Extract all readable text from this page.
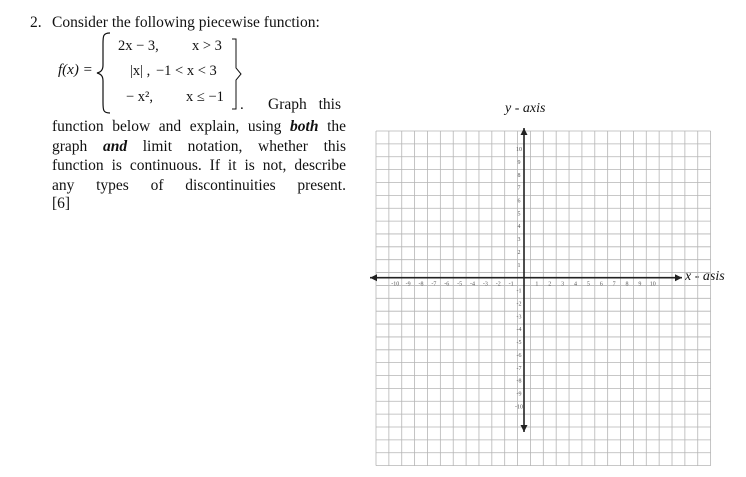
2. Consider the following piecewise function:
f(x) =
2x − 3, x > 3
|x| , −1 < x < 3
− x², x ≤ −1 . Graph this
function below and explain, using both the
graph and limit notation, whether this
function is continuous. If it is not, describe
any types of discontinuities present.
[6]
y - axis
x - asis
-10 -9 -8 -7 -6 -5 -4 -3 -2 -1	1 2 3 4 5 6 7 8 9 10
10
9
8
7
6
5
4
3
2
1
-1
-2
-3
-4
-5
-6
-7
-8
-9
-10
